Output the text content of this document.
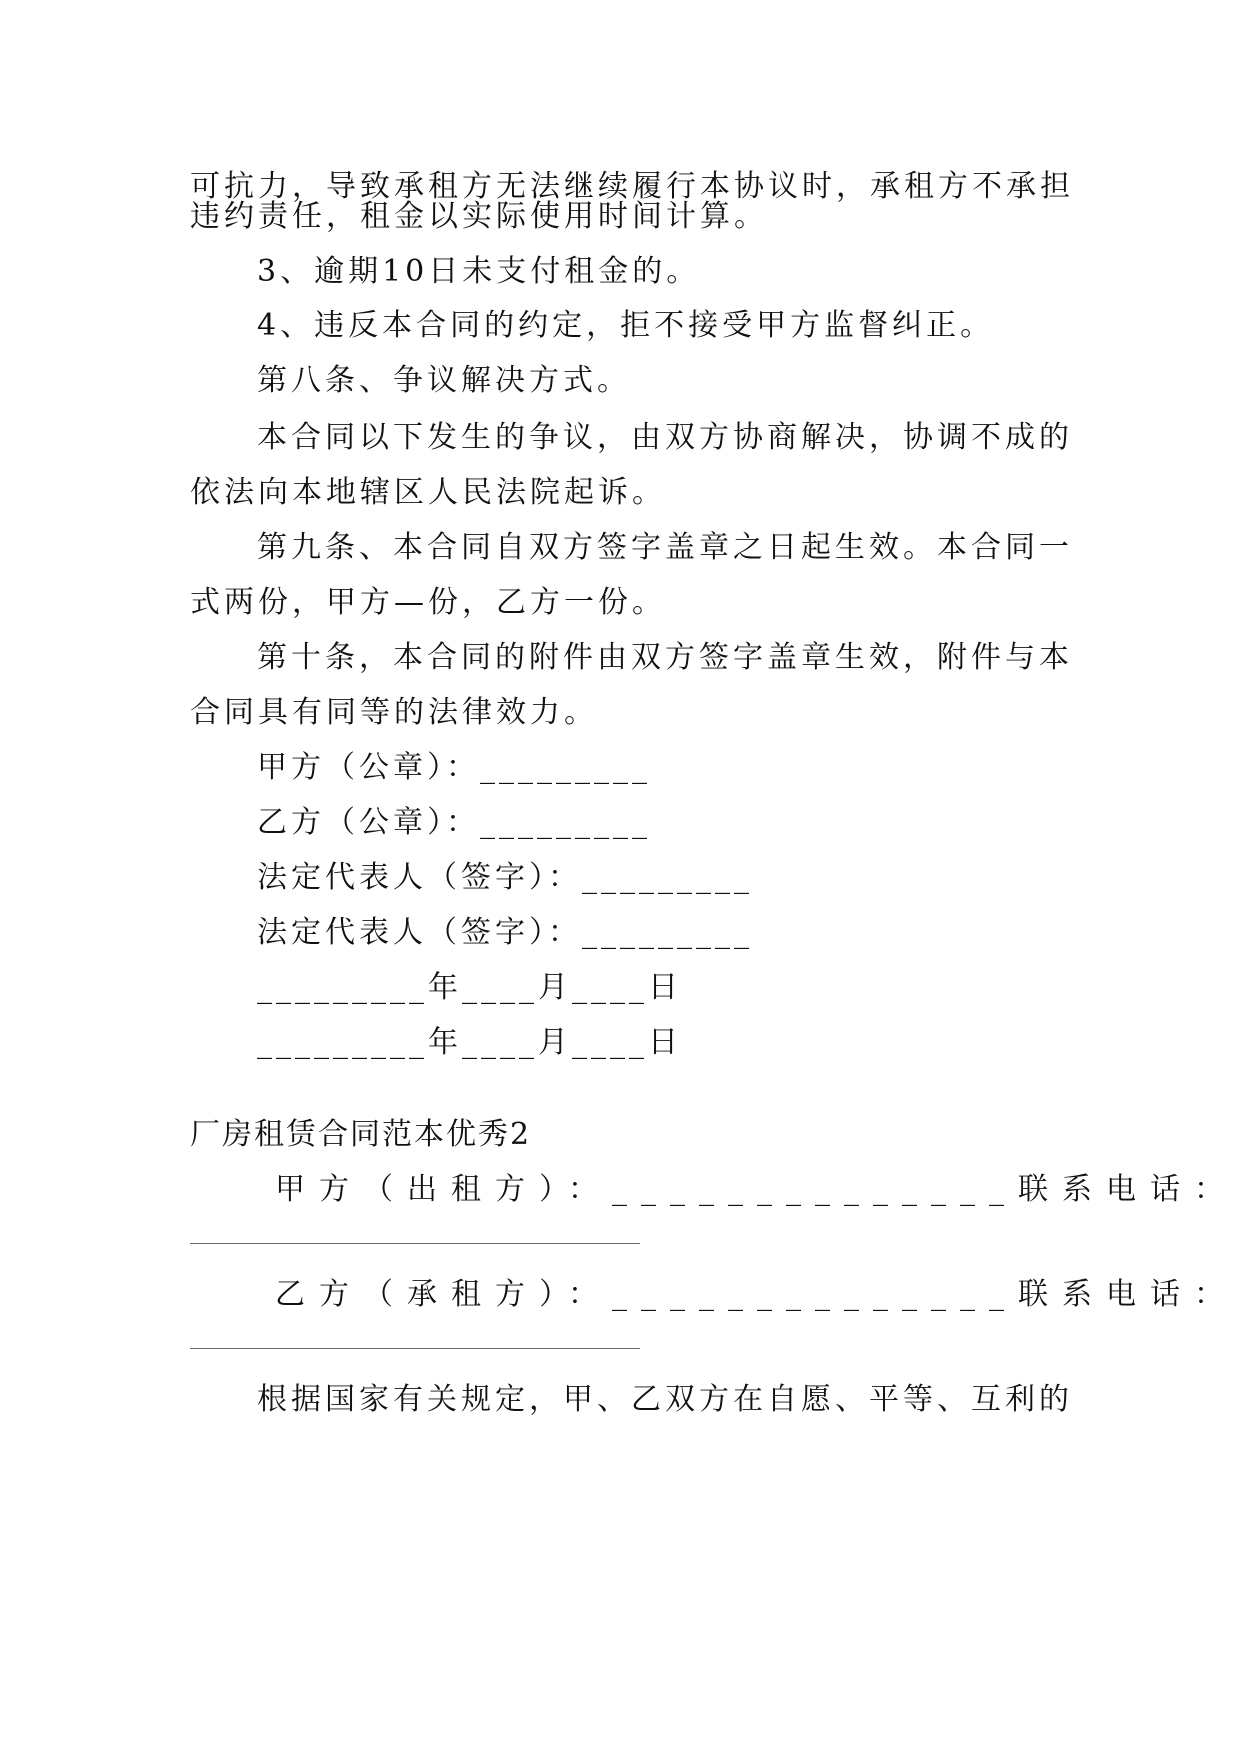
可抗力，导致承租方无法继续履行本协议时，承租方不承担
违约责任，租金以实际使用时间计算。
3、逾期10日未支付租金的。
4、违反本合同的约定，拒不接受甲方监督纠正。
第八条、争议解决方式。
本合同以下发生的争议，由双方协商解决，协调不成的
依法向本地辖区人民法院起诉。
第九条、本合同自双方签字盖章之日起生效。本合同一
式两份，甲方—份，乙方一份。
第十条，本合同的附件由双方签字盖章生效，附件与本
合同具有同等的法律效力。
甲方（公章）：_________
乙方（公章）：_________
法定代表人（签字）：_________
法定代表人（签字）：_________
_________年____月____日
_________年____月____日
厂房租赁合同范本优秀2
甲方（出租方）：______________联系电话：
乙方（承租方）：______________联系电话：
根据国家有关规定，甲、乙双方在自愿、平等、互利的
